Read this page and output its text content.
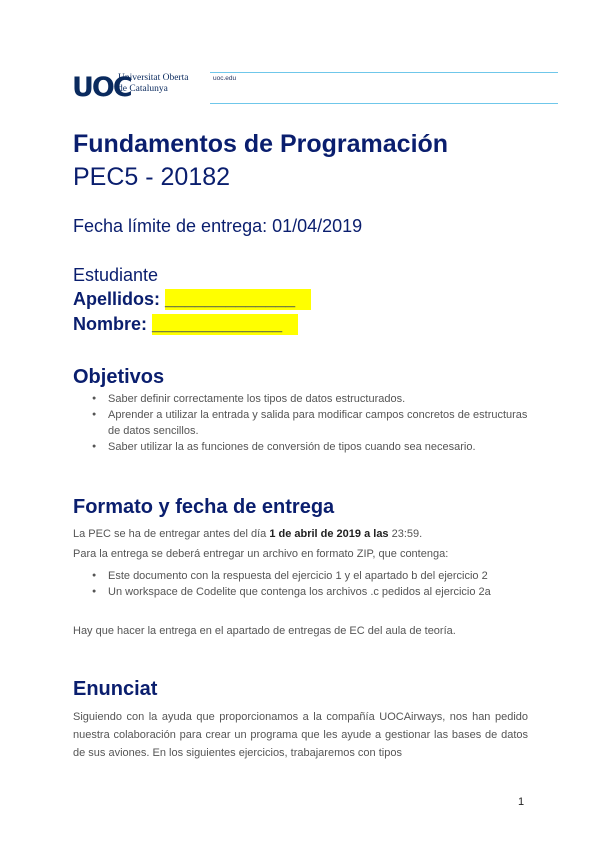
UOC
Universitat Oberta
de Catalunya
uoc.edu
Fundamentos de Programación
PEC5 - 20182
Fecha límite de entrega: 01/04/2019
Estudiante
Apellidos: _____________
Nombre: _____________
Objetivos
● Saber definir correctamente los tipos de datos estructurados.
● Aprender a utilizar la entrada y salida para modificar campos concretos de estructuras de datos sencillos.
● Saber utilizar la as funciones de conversión de tipos cuando sea necesario.
Formato y fecha de entrega
La PEC se ha de entregar antes del día 1 de abril de 2019 a las 23:59.
Para la entrega se deberá entregar un archivo en formato ZIP, que contenga:
● Este documento con la respuesta del ejercicio 1 y el apartado b del ejercicio 2
● Un workspace de Codelite que contenga los archivos .c pedidos al ejercicio 2a
Hay que hacer la entrega en el apartado de entregas de EC del aula de teoría.
Enunciat
Siguiendo con la ayuda que proporcionamos a la compañía UOCAirways, nos han pedido nuestra colaboración para crear un programa que les ayude a gestionar las bases de datos de sus aviones. En los siguientes ejercicios, trabajaremos con tipos
1
